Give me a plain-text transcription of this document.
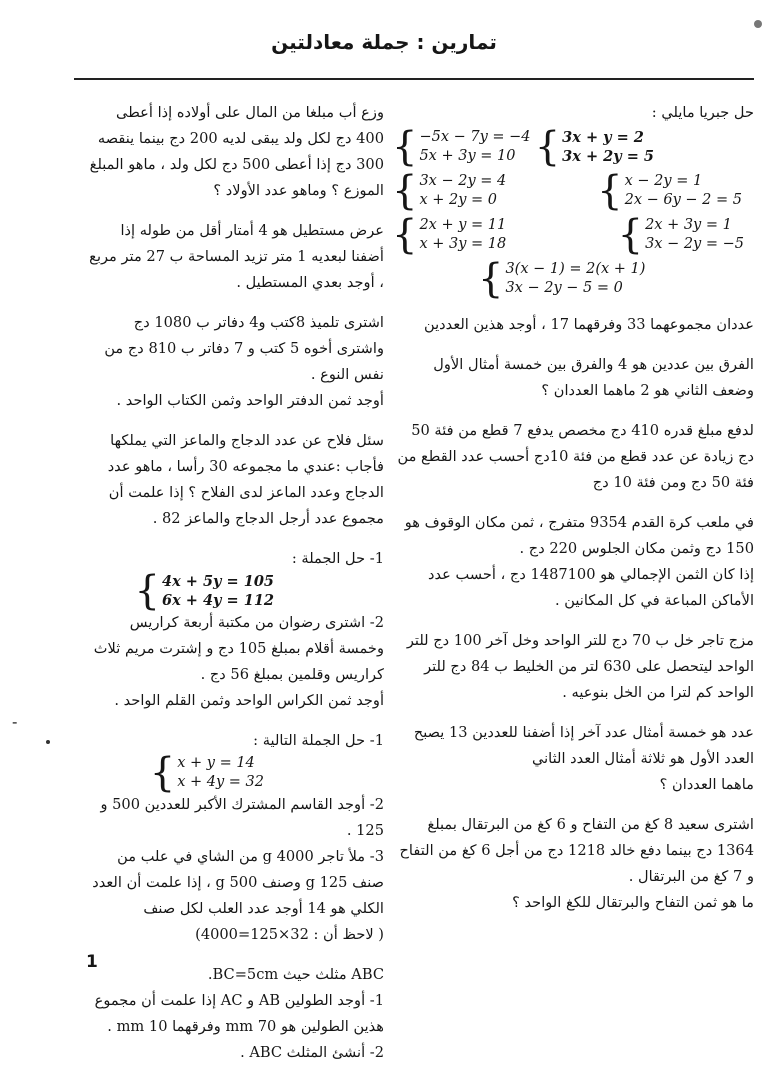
تمارين : جملة معادلتين

حل جبريا مايلي :

{ −5x − 7y = −4
5x + 3y = 10 { 3x + y = 2
3x + 2y = 5
{ 3x − 2y = 4
x + 2y = 0	{ x − 2y = 1
2x − 6y − 2 = 5
{ 2x + y = 11
x + 3y = 18	{ 2x + 3y = 1
3x − 2y = −5
{ 3(x − 1) = 2(x + 1)
3x − 2y − 5 = 0

عددان مجموعهما 33 وفرقهما 17 ، أوجد هذين العددين

الفرق بين عددين هو 4 والفرق بين خمسة أمثال الأول وضعف الثاني هو 2 ماهما العددان ؟

لدفع مبلغ قدره 410 دج مخصص يدفع 7 قطع من فئة 50 دج زيادة عن عدد قطع من فئة 10دج أحسب عدد القطع من فئة 50 دج ومن فئة 10 دج

في ملعب كرة القدم 9354 متفرج ، ثمن مكان الوقوف هو 150 دج وثمن مكان الجلوس 220 دج .

إذا كان الثمن الإجمالي هو 1487100 دج ، أحسب عدد الأماكن المباعة في كل المكانين .

مزج تاجر خل ب 70 دج للتر الواحد وخل آخر 100 دج للتر الواحد ليتحصل على 630 لتر من الخليط ب 84 دج للتر الواحد كم لترا من الخل بنوعيه .

عدد هو خمسة أمثال عدد آخر إذا أضفنا للعددين 13 يصبح العدد الأول هو ثلاثة أمثال العدد الثاني

ماهما العددان ؟

اشترى سعيد 8 كغ من التفاح و 6 كغ من البرتقال بمبلغ 1364 دج بينما دفع خالد 1218 دج من أجل 6 كغ من التفاح و 7 كغ من البرتقال .

ما هو ثمن التفاح والبرتقال للكغ الواحد ؟

وزع أب مبلغا من المال على أولاده إذا أعطى 400 دج لكل ولد يبقى لديه 200 دج بينما ينقصه 300 دج إذا أعطى 500 دج لكل ولد ، ماهو المبلغ الموزع ؟ وماهو عدد الأولاد ؟

عرض مستطيل هو 4 أمتار أقل من طوله إذا أضفنا لبعديه 1 متر تزيد المساحة ب 27 متر مربع ، أوجد بعدي المستطيل .

اشترى تلميذ 8كتب و4 دفاتر ب 1080 دج واشترى أخوه 5 كتب و 7 دفاتر ب 810 دج من نفس النوع .

أوجد ثمن الدفتر الواحد وثمن الكتاب الواحد .

سئل فلاح عن عدد الدجاج والماعز التي يملكها فأجاب :عندي ما مجموعه 30 رأسا ، ماهو عدد الدجاج وعدد الماعز لدى الفلاح ؟ إذا علمت أن مجموع عدد أرجل الدجاج والماعز 82 .

1- حل الجملة :

{ 4x + 5y = 105
6x + 4y = 112

2- اشترى رضوان من مكتبة أربعة كراريس وخمسة أقلام بمبلغ 105 دج و إشترت مريم ثلاث كراريس وقلمين بمبلغ 56 دج .

أوجد ثمن الكراس الواحد وثمن القلم الواحد .

1- حل الجملة التالية :

{ x + y = 14
x + 4y = 32

2- أوجد القاسم المشترك الأكبر للعددين 500 و 125 .

3- ملأ تاجر 4000 g من الشاي في علب من صنف 125 g وصنف 500 g ، إذا علمت أن العدد الكلي هو 14 أوجد عدد العلب لكل صنف

( لاحظ أن : 32×125=4000)

ABC مثلث حيث BC=5cm.

1- أوجد الطولين AB و AC إذا علمت أن مجموع هذين الطولين هو 70 mm وفرقهما 10 mm .

2- أنشئ المثلث ABC .

-
1
